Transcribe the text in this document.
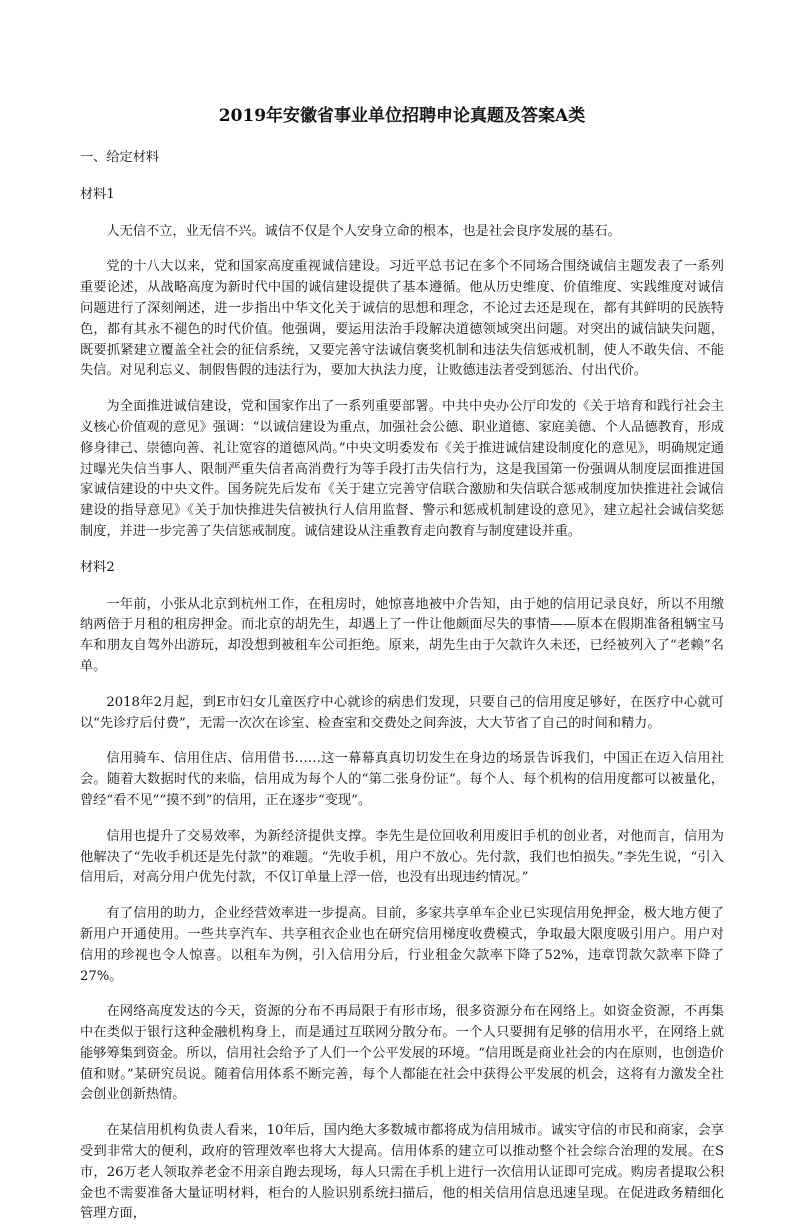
2019年安徽省事业单位招聘申论真题及答案A类
一、给定材料
材料1

人无信不立，业无信不兴。诚信不仅是个人安身立命的根本，也是社会良序发展的基石。

党的十八大以来，党和国家高度重视诚信建设。习近平总书记在多个不同场合围绕诚信主题发表了一系列重要论述，从战略高度为新时代中国的诚信建设提供了基本遵循。他从历史维度、价值维度、实践维度对诚信问题进行了深刻阐述，进一步指出中华文化关于诚信的思想和理念，不论过去还是现在，都有其鲜明的民族特色，都有其永不褪色的时代价值。他强调，要运用法治手段解决道德领域突出问题。对突出的诚信缺失问题，既要抓紧建立覆盖全社会的征信系统，又要完善守法诚信褒奖机制和违法失信惩戒机制，使人不敢失信、不能失信。对见利忘义、制假售假的违法行为，要加大执法力度，让败德违法者受到惩治、付出代价。

为全面推进诚信建设，党和国家作出了一系列重要部署。中共中央办公厅印发的《关于培育和践行社会主义核心价值观的意见》强调：“以诚信建设为重点，加强社会公德、职业道德、家庭美德、个人品德教育，形成修身律己、崇德向善、礼让宽容的道德风尚。”中央文明委发布《关于推进诚信建设制度化的意见》，明确规定通过曝光失信当事人、限制严重失信者高消费行为等手段打击失信行为，这是我国第一份强调从制度层面推进国家诚信建设的中央文件。国务院先后发布《关于建立完善守信联合激励和失信联合惩戒制度加快推进社会诚信建设的指导意见》《关于加快推进失信被执行人信用监督、警示和惩戒机制建设的意见》，建立起社会诚信奖惩制度，并进一步完善了失信惩戒制度。诚信建设从注重教育走向教育与制度建设并重。

材料2

一年前，小张从北京到杭州工作，在租房时，她惊喜地被中介告知，由于她的信用记录良好，所以不用缴纳两倍于月租的租房押金。而北京的胡先生，却遇上了一件让他颇面尽失的事情——原本在假期准备租辆宝马车和朋友自驾外出游玩，却没想到被租车公司拒绝。原来，胡先生由于欠款许久未还，已经被列入了“老赖”名单。

2018年2月起，到E市妇女儿童医疗中心就诊的病患们发现，只要自己的信用度足够好，在医疗中心就可以“先诊疗后付费”，无需一次次在诊室、检查室和交费处之间奔波，大大节省了自己的时间和精力。

信用骑车、信用住店、信用借书……这一幕幕真真切切发生在身边的场景告诉我们，中国正在迈入信用社会。随着大数据时代的来临，信用成为每个人的“第二张身份证”。每个人、每个机构的信用度都可以被量化，曾经“看不见”“摸不到”的信用，正在逐步“变现”。

信用也提升了交易效率，为新经济提供支撑。李先生是位回收利用废旧手机的创业者，对他而言，信用为他解决了“先收手机还是先付款”的难题。“先收手机，用户不放心。先付款，我们也怕损失。”李先生说，“引入信用后，对高分用户优先付款，不仅订单量上浮一倍，也没有出现违约情况。”

有了信用的助力，企业经营效率进一步提高。目前，多家共享单车企业已实现信用免押金，极大地方便了新用户开通使用。一些共享汽车、共享租衣企业也在研究信用梯度收费模式，争取最大限度吸引用户。用户对信用的珍视也令人惊喜。以租车为例，引入信用分后，行业租金欠款率下降了52%，违章罚款欠款率下降了27%。

在网络高度发达的今天，资源的分布不再局限于有形市场，很多资源分布在网络上。如资金资源，不再集中在类似于银行这种金融机构身上，而是通过互联网分散分布。一个人只要拥有足够的信用水平，在网络上就能够筹集到资金。所以，信用社会给予了人们一个公平发展的环境。“信用既是商业社会的内在原则，也创造价值和财。”某研究员说。随着信用体系不断完善，每个人都能在社会中获得公平发展的机会，这将有力激发全社会创业创新热情。

在某信用机构负责人看来，10年后，国内绝大多数城市都将成为信用城市。诚实守信的市民和商家，会享受到非常大的便利，政府的管理效率也将大大提高。信用体系的建立可以推动整个社会综合治理的发展。在S市，26万老人领取养老金不用亲自跑去现场，每人只需在手机上进行一次信用认证即可完成。购房者提取公积金也不需要准备大量证明材料，柜台的人脸识别系统扫描后，他的相关信用信息迅速呈现。在促进政务精细化管理方面，
